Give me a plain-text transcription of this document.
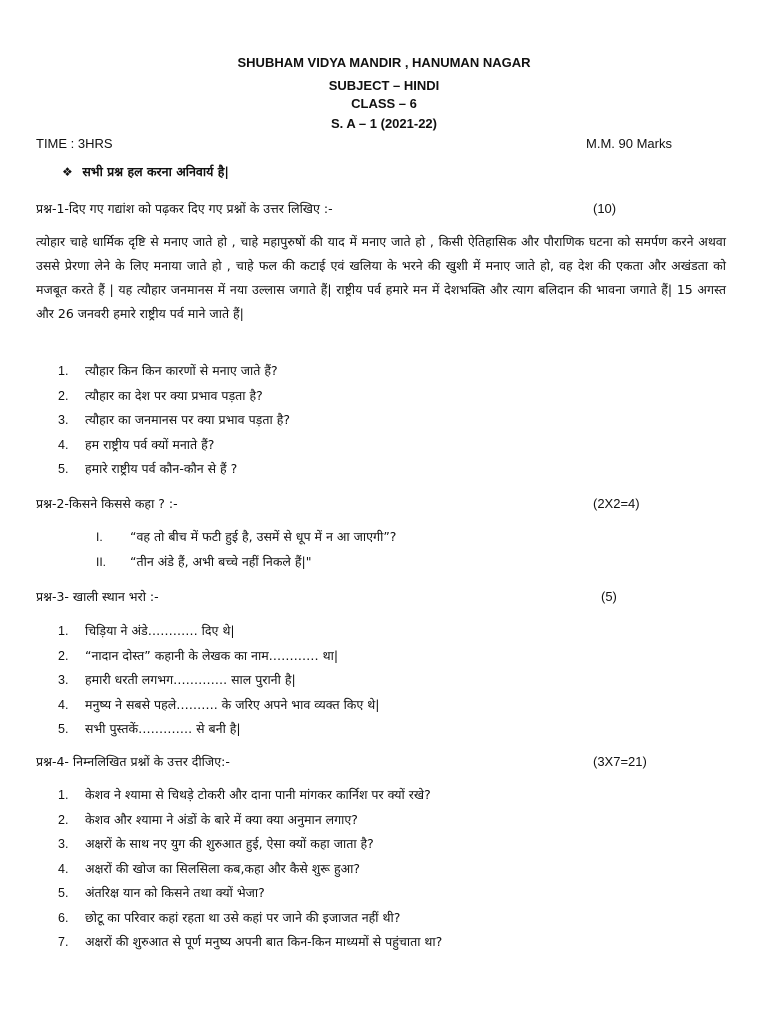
SHUBHAM VIDYA MANDIR , HANUMAN NAGAR
SUBJECT – HINDI
CLASS – 6
S. A – 1 (2021-22)
TIME : 3HRS	M.M. 90 Marks
❖ सभी प्रश्न हल करना अनिवार्य है|
प्रश्न-1-दिए गए गद्यांश को पढ़कर दिए गए प्रश्नों के उत्तर लिखिए :-	(10)
त्योहार चाहे धार्मिक दृष्टि से मनाए जाते हो , चाहे महापुरुषों की याद में मनाए जाते हो , किसी ऐतिहासिक और पौराणिक घटना को समर्पण करने अथवा उससे प्रेरणा लेने के लिए मनाया जाते हो , चाहे फल की कटाई एवं खलिया के भरने की खुशी में मनाए जाते हो, वह देश की एकता और अखंडता को मजबूत करते हैं | यह त्यौहार जनमानस में नया उल्लास जगाते हैं| राष्ट्रीय पर्व हमारे मन में देशभक्ति और त्याग बलिदान की भावना जगाते हैं| 15 अगस्त और 26 जनवरी हमारे राष्ट्रीय पर्व माने जाते हैं|
1. त्यौहार किन किन कारणों से मनाए जाते हैं?
2. त्यौहार का देश पर क्या प्रभाव पड़ता है?
3. त्यौहार का जनमानस पर क्या प्रभाव पड़ता है?
4. हम राष्ट्रीय पर्व क्यों मनाते हैं?
5. हमारे राष्ट्रीय पर्व कौन-कौन से हैं ?
प्रश्न-2-किसने किससे कहा ? :-	(2X2=4)
I. “वह तो बीच में फटी हुई है, उसमें से धूप में न आ जाएगी”?
II. “तीन अंडे हैं, अभी बच्चे नहीं निकले हैं|"
प्रश्न-3- खाली स्थान भरो :-	(5)
1. चिड़िया ने अंडे………… दिए थे|
2. “नादान दोस्त” कहानी के लेखक का नाम………… था|
3. हमारी धरती लगभग…………. साल पुरानी है|
4. मनुष्य ने सबसे पहले………. के जरिए अपने भाव व्यक्त किए थे|
5. सभी पुस्तकें…………. से बनी है|
प्रश्न-4- निम्नलिखित प्रश्नों के उत्तर दीजिए:-	(3X7=21)
1. केशव ने श्यामा से चिथड़े टोकरी और दाना पानी मांगकर कार्निश पर क्यों रखे?
2. केशव और श्यामा ने अंडों के बारे में क्या क्या अनुमान लगाए?
3. अक्षरों के साथ नए युग की शुरुआत हुई, ऐसा क्यों कहा जाता है?
4. अक्षरों की खोज का सिलसिला कब,कहा और कैसे शुरू हुआ?
5. अंतरिक्ष यान को किसने तथा क्यों भेजा?
6. छोटू का परिवार कहां रहता था उसे कहां पर जाने की इजाजत नहीं थी?
7. अक्षरों की शुरुआत से पूर्ण मनुष्य अपनी बात किन-किन माध्यमों से पहुंचाता था?
